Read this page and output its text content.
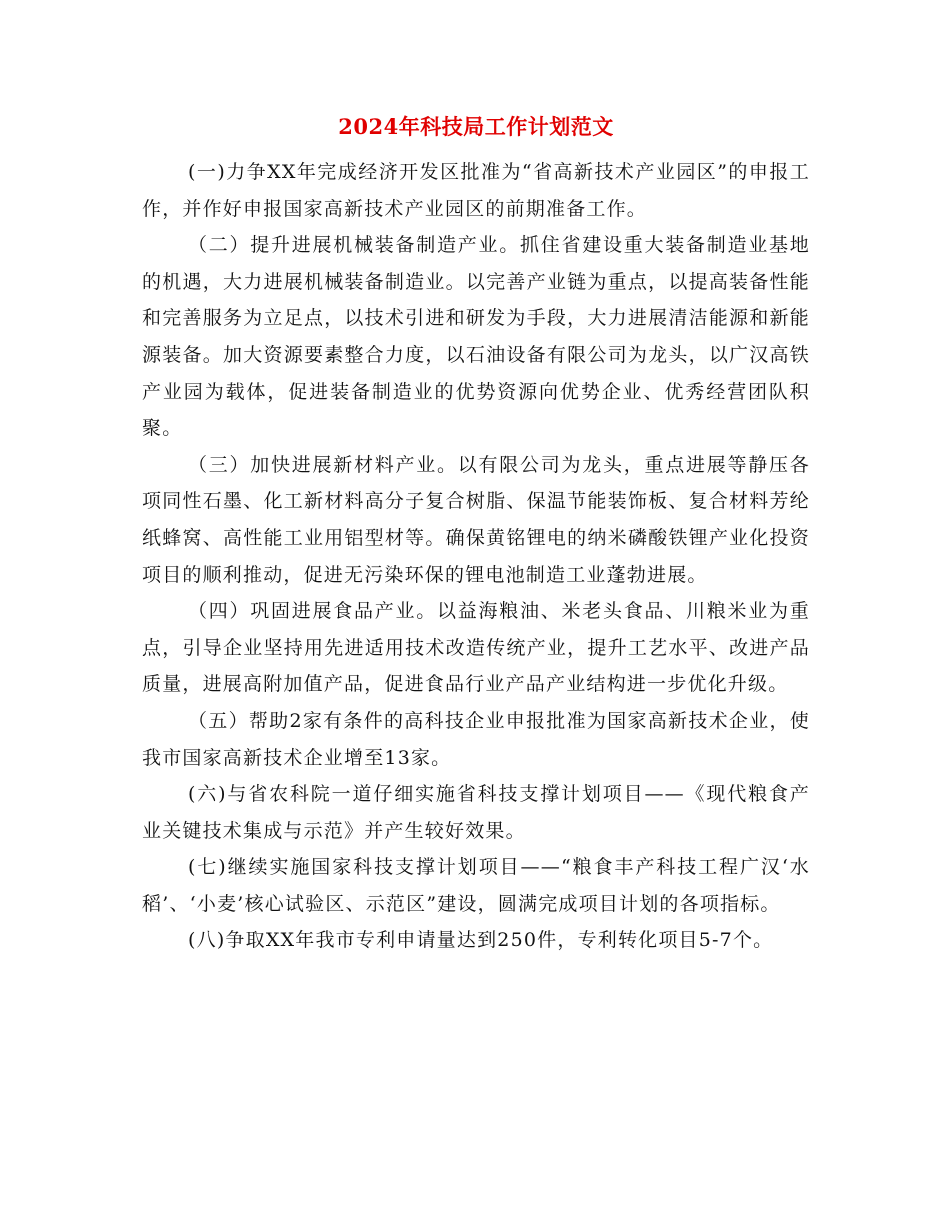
2024年科技局工作计划范文

(一)力争XX年完成经济开发区批准为“省高新技术产业园区”的申报工作，并作好申报国家高新技术产业园区的前期准备工作。

（二）提升进展机械装备制造产业。抓住省建设重大装备制造业基地的机遇，大力进展机械装备制造业。以完善产业链为重点，以提高装备性能和完善服务为立足点，以技术引进和研发为手段，大力进展清洁能源和新能源装备。加大资源要素整合力度，以石油设备有限公司为龙头，以广汉高铁产业园为载体，促进装备制造业的优势资源向优势企业、优秀经营团队积聚。

（三）加快进展新材料产业。以有限公司为龙头，重点进展等静压各项同性石墨、化工新材料高分子复合树脂、保温节能装饰板、复合材料芳纶纸蜂窝、高性能工业用铝型材等。确保黄铭锂电的纳米磷酸铁锂产业化投资项目的顺利推动，促进无污染环保的锂电池制造工业蓬勃进展。

（四）巩固进展食品产业。以益海粮油、米老头食品、川粮米业为重点，引导企业坚持用先进适用技术改造传统产业，提升工艺水平、改进产品质量，进展高附加值产品，促进食品行业产品产业结构进一步优化升级。

（五）帮助2家有条件的高科技企业申报批准为国家高新技术企业，使我市国家高新技术企业增至13家。

(六)与省农科院一道仔细实施省科技支撑计划项目——《现代粮食产业关键技术集成与示范》并产生较好效果。

(七)继续实施国家科技支撑计划项目——“粮食丰产科技工程广汉‘水稻’、‘小麦’核心试验区、示范区”建设，圆满完成项目计划的各项指标。

(八)争取XX年我市专利申请量达到250件，专利转化项目5-7个。
